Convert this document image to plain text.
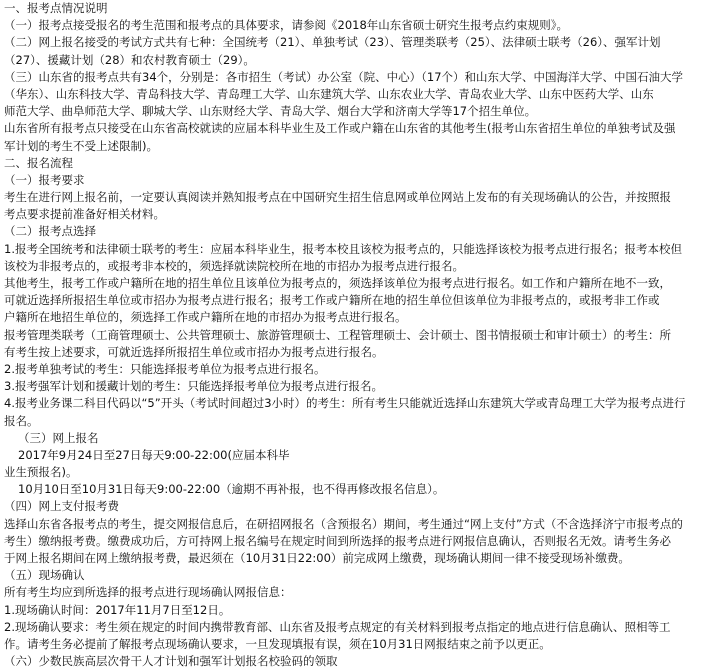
一、报考点情况说明
（一）报考点接受报名的考生范围和报考点的具体要求，请参阅《2018年山东省硕士研究生报考点约束规则》。
（二）网上报名接受的考试方式共有七种：全国统考（21）、单独考试（23）、管理类联考（25）、法律硕士联考（26）、强军计划
（27）、援藏计划（28）和农村教育硕士（29）。
（三）山东省的报考点共有34个，分别是：各市招生（考试）办公室（院、中心）（17个）和山东大学、中国海洋大学、中国石油大学
（华东）、山东科技大学、青岛科技大学、青岛理工大学、山东建筑大学、山东农业大学、青岛农业大学、山东中医药大学、山东
师范大学、曲阜师范大学、聊城大学、山东财经大学、青岛大学、烟台大学和济南大学等17个招生单位。
山东省所有报考点只接受在山东省高校就读的应届本科毕业生及工作或户籍在山东省的其他考生(报考山东省招生单位的单独考试及强
军计划的考生不受上述限制)。
二、报名流程
（一）报考要求
考生在进行网上报名前，一定要认真阅读并熟知报考点在中国研究生招生信息网或单位网站上发布的有关现场确认的公告，并按照报
考点要求提前准备好相关材料。
（二）报考点选择
1.报考全国统考和法律硕士联考的考生：应届本科毕业生，报考本校且该校为报考点的，只能选择该校为报考点进行报名；报考本校但
该校为非报考点的，或报考非本校的，须选择就读院校所在地的市招办为报考点进行报名。
其他考生，报考工作或户籍所在地的招生单位且该单位为报考点的，须选择该单位为报考点进行报名。如工作和户籍所在地不一致，
可就近选择所报招生单位或市招办为报考点进行报名；报考工作或户籍所在地的招生单位但该单位为非报考点的，或报考非工作或
户籍所在地招生单位的，须选择工作或户籍所在地的市招办为报考点进行报名。
报考管理类联考（工商管理硕士、公共管理硕士、旅游管理硕士、工程管理硕士、会计硕士、图书情报硕士和审计硕士）的考生：所
有考生按上述要求，可就近选择所报招生单位或市招办为报考点进行报名。
2.报考单独考试的考生：只能选择报考单位为报考点进行报名。
3.报考强军计划和援藏计划的考生：只能选择报考单位为报考点进行报名。
4.报考业务课二科目代码以“5”开头（考试时间超过3小时）的考生：所有考生只能就近选择山东建筑大学或青岛理工大学为报考点进行
报名。
（三）网上报名
2017年9月24日至27日每天9:00-22:00(应届本科毕
业生预报名)。
10月10日至10月31日每天9:00-22:00（逾期不再补报，也不得再修改报名信息）。
（四）网上支付报考费
选择山东省各报考点的考生，提交网报信息后，在研招网报名（含预报名）期间，考生通过“网上支付”方式（不含选择济宁市报考点的
考生）缴纳报考费。缴费成功后，方可持网上报名编号在规定时间到所选择的报考点进行网报信息确认，否则报名无效。请考生务必
于网上报名期间在网上缴纳报考费，最迟须在（10月31日22:00）前完成网上缴费，现场确认期间一律不接受现场补缴费。
（五）现场确认
所有考生均应到所选择的报考点进行现场确认网报信息：
1.现场确认时间：2017年11月7日至12日。
2.现场确认要求：考生须在规定的时间内携带教育部、山东省及报考点规定的有关材料到报考点指定的地点进行信息确认、照相等工
作。请考生务必提前了解报考点现场确认要求，一旦发现填报有误，须在10月31日网报结束之前予以更正。
（六）少数民族高层次骨干人才计划和强军计划报名校验码的领取
